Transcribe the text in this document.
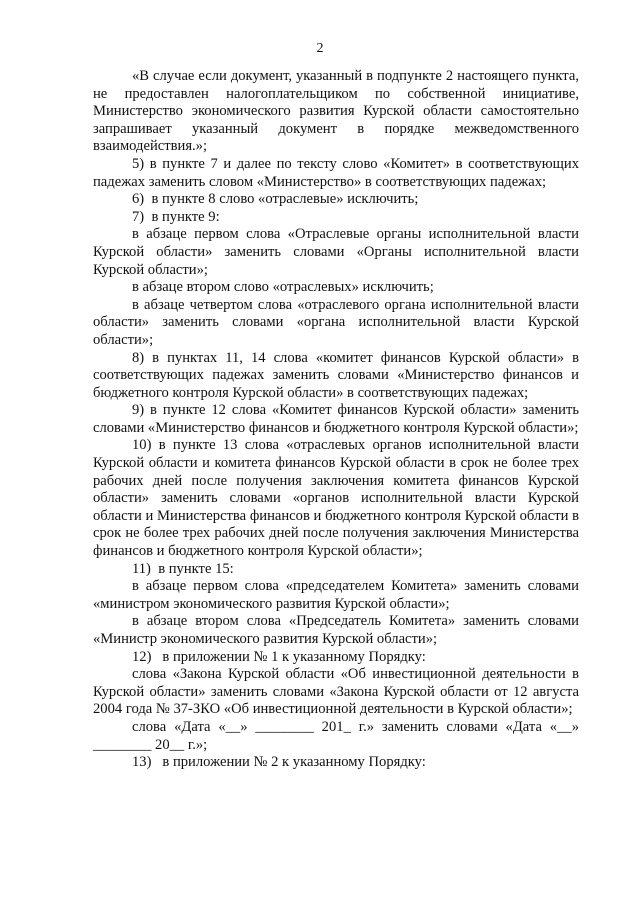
2

«В случае если документ, указанный в подпункте 2 настоящего пункта, не предоставлен налогоплательщиком по собственной инициативе, Министерство экономического развития Курской области самостоятельно запрашивает указанный документ в порядке межведомственного взаимодействия.»;

5) в пункте 7 и далее по тексту слово «Комитет» в соответствующих падежах заменить словом «Министерство» в соответствующих падежах;

6)  в пункте 8 слово «отраслевые» исключить;

7)  в пункте 9:

в абзаце первом слова «Отраслевые органы исполнительной власти Курской области» заменить словами «Органы исполнительной власти Курской области»;

в абзаце втором слово «отраслевых» исключить;

в абзаце четвертом слова «отраслевого органа исполнительной власти области» заменить словами «органа исполнительной власти Курской области»;

8) в пунктах 11, 14 слова «комитет финансов Курской области» в соответствующих падежах заменить словами «Министерство финансов и бюджетного контроля Курской области» в соответствующих падежах;

9) в пункте 12 слова «Комитет финансов Курской области» заменить словами «Министерство финансов и бюджетного контроля Курской области»;

10) в пункте 13 слова «отраслевых органов исполнительной власти Курской области и комитета финансов Курской области в срок не более трех рабочих дней после получения заключения комитета финансов Курской области» заменить словами «органов исполнительной власти Курской области и Министерства финансов и бюджетного контроля Курской области в срок не более трех рабочих дней после получения заключения Министерства финансов и бюджетного контроля Курской области»;

11)  в пункте 15:

в абзаце первом слова «председателем Комитета» заменить словами «министром экономического развития Курской области»;

в абзаце втором слова «Председатель Комитета» заменить словами «Министр экономического развития Курской области»;

12)   в приложении № 1 к указанному Порядку:

слова «Закона Курской области «Об инвестиционной деятельности в Курской области» заменить словами «Закона Курской области от 12 августа 2004 года № 37-ЗКО «Об инвестиционной деятельности в Курской области»;

слова «Дата «__» ________ 201_ г.» заменить словами «Дата «__» ________ 20__ г.»;

13)   в приложении № 2 к указанному Порядку:
